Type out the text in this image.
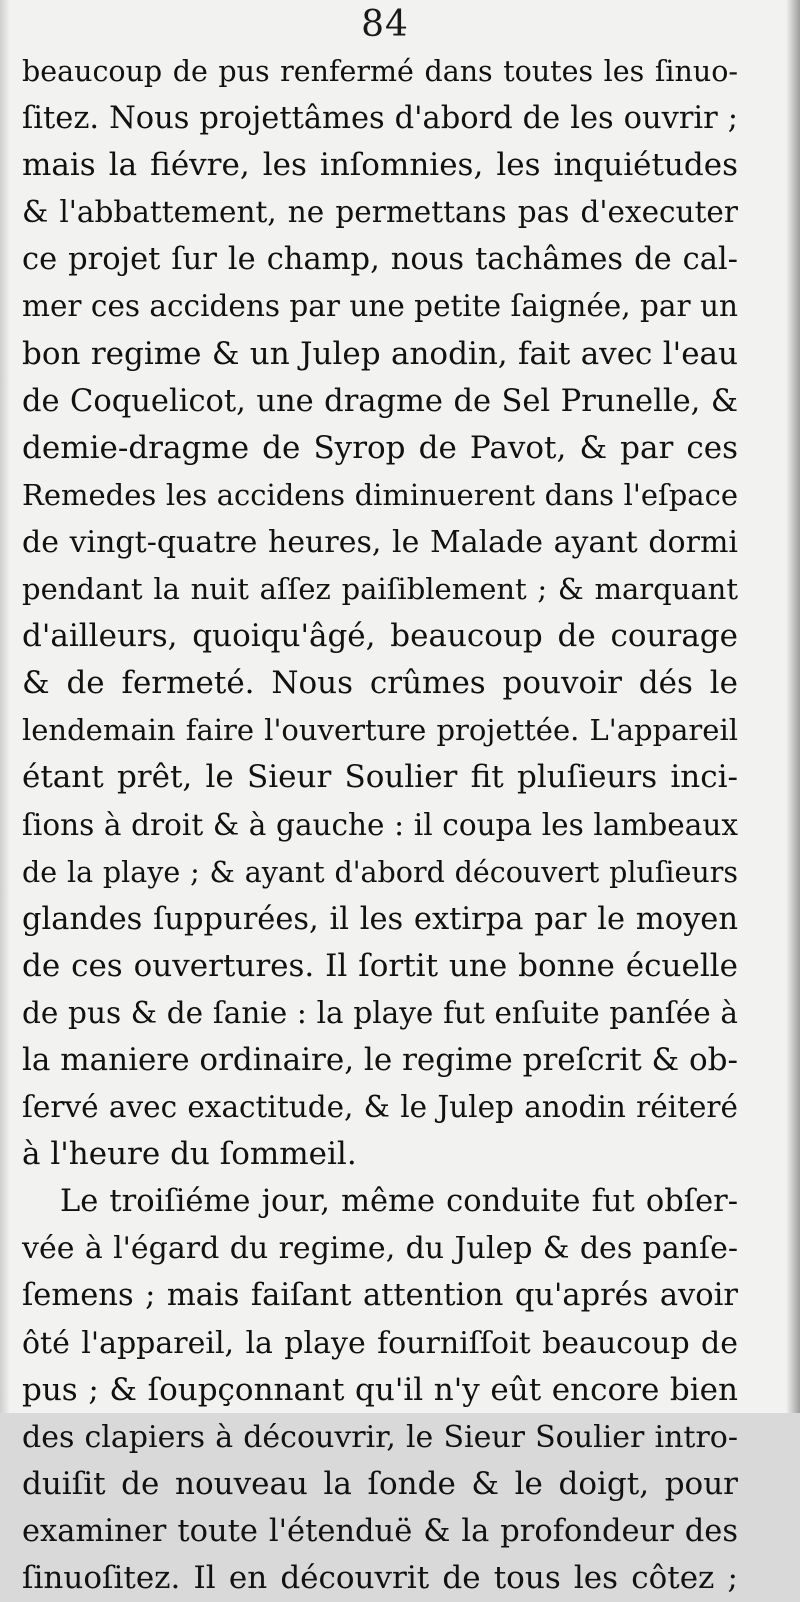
84
beaucoup de pus renfermé dans toutes les ſinuo-
ſitez. Nous projettâmes d'abord de les ouvrir ;
mais la fiévre, les inſomnies, les inquiétudes
& l'abbattement, ne permettans pas d'executer
ce projet ſur le champ, nous tachâmes de cal-
mer ces accidens par une petite ſaignée, par un
bon regime & un Julep anodin, fait avec l'eau
de Coquelicot, une dragme de Sel Prunelle, &
demie-dragme de Syrop de Pavot, & par ces
Remedes les accidens diminuerent dans l'eſpace
de vingt-quatre heures, le Malade ayant dormi
pendant la nuit aſſez paiſiblement ; & marquant
d'ailleurs, quoiqu'âgé, beaucoup de courage
& de fermeté. Nous crûmes pouvoir dés le
lendemain faire l'ouverture projettée. L'appareil
étant prêt, le Sieur Soulier fit pluſieurs inci-
ſions à droit & à gauche : il coupa les lambeaux
de la playe ; & ayant d'abord découvert pluſieurs
glandes ſuppurées, il les extirpa par le moyen
de ces ouvertures. Il ſortit une bonne écuelle
de pus & de ſanie : la playe fut enſuite panſée à
la maniere ordinaire, le regime preſcrit & ob-
ſervé avec exactitude, & le Julep anodin réiteré
à l'heure du ſommeil.
Le troiſiéme jour, même conduite fut obſer-
vée à l'égard du regime, du Julep & des panſe-
ſemens ; mais faiſant attention qu'aprés avoir
ôté l'appareil, la playe fourniſſoit beaucoup de
pus ; & ſoupçonnant qu'il n'y eût encore bien
des clapiers à découvrir, le Sieur Soulier intro-
duiſit de nouveau la ſonde & le doigt, pour
examiner toute l'étenduë & la profondeur des
ſinuoſitez. Il en découvrit de tous les côtez ;
